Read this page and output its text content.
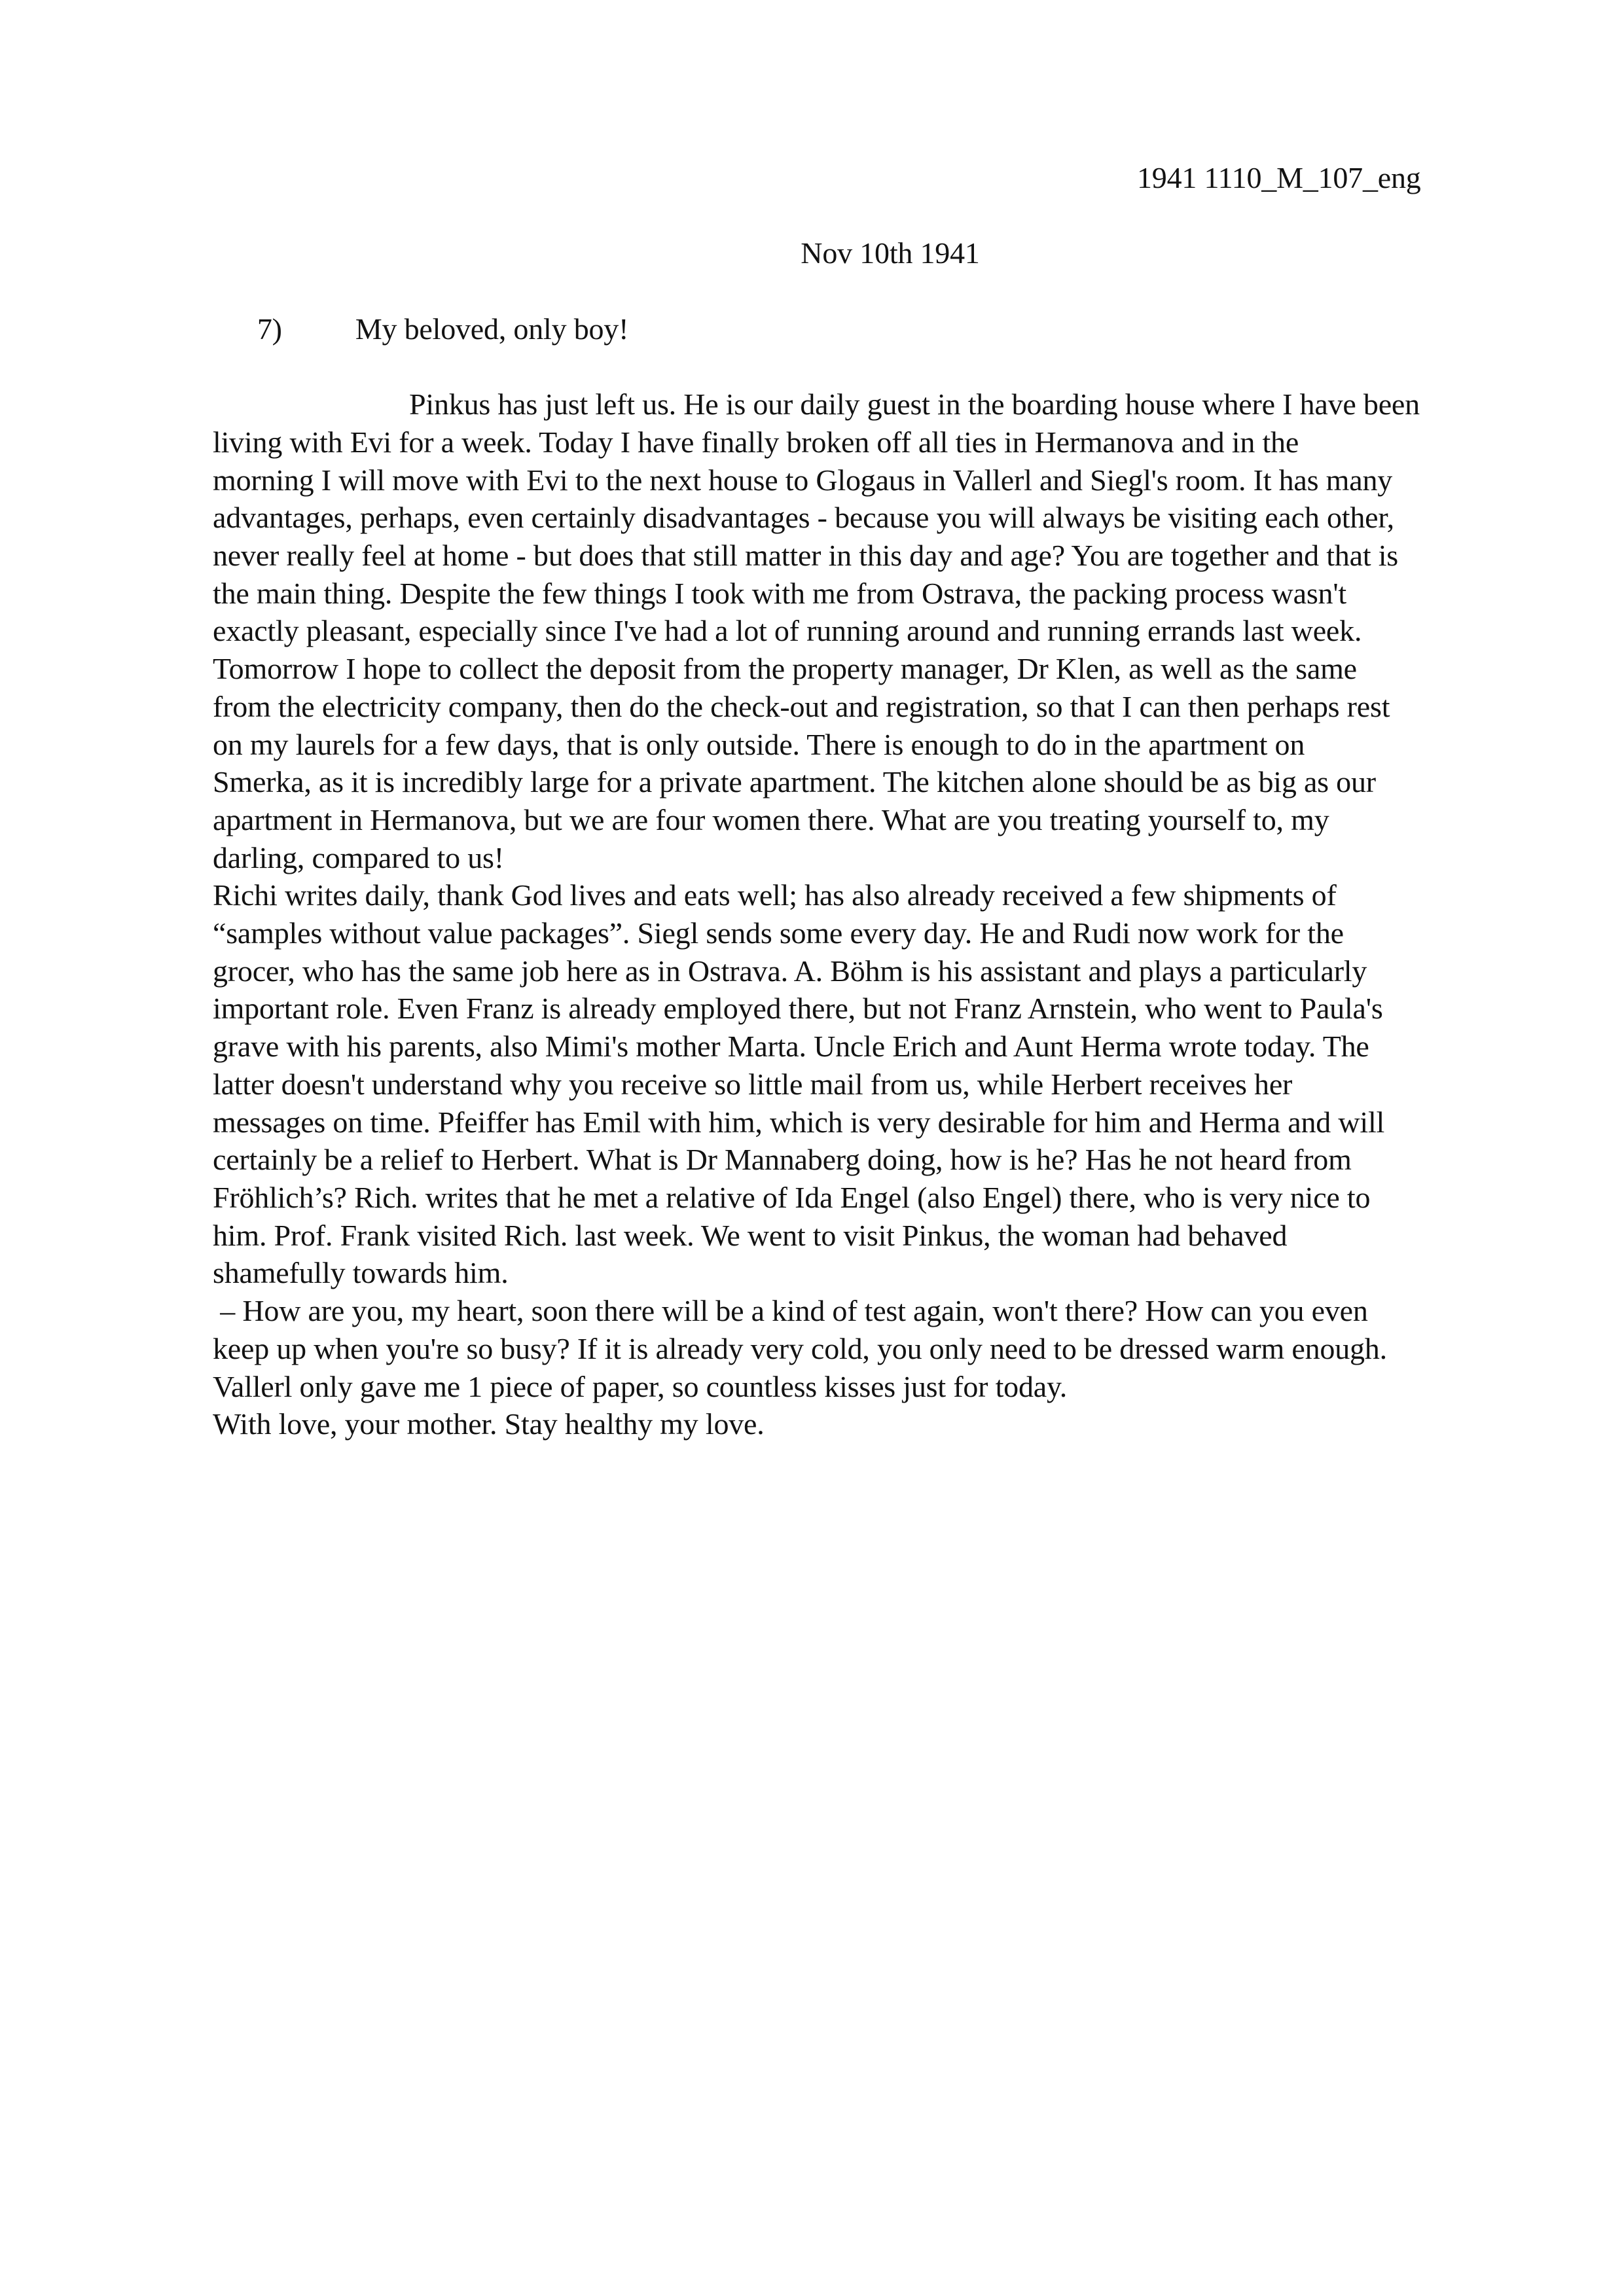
1941 1110_M_107_eng

Nov 10th 1941

7) My beloved, only boy!

Pinkus has just left us. He is our daily guest in the boarding house where I have been
living with Evi for a week. Today I have finally broken off all ties in Hermanova and in the
morning I will move with Evi to the next house to Glogaus in Vallerl and Siegl's room. It has many
advantages, perhaps, even certainly disadvantages - because you will always be visiting each other,
never really feel at home - but does that still matter in this day and age? You are together and that is
the main thing. Despite the few things I took with me from Ostrava, the packing process wasn't
exactly pleasant, especially since I've had a lot of running around and running errands last week.
Tomorrow I hope to collect the deposit from the property manager, Dr Klen, as well as the same
from the electricity company, then do the check-out and registration, so that I can then perhaps rest
on my laurels for a few days, that is only outside. There is enough to do in the apartment on
Smerka, as it is incredibly large for a private apartment. The kitchen alone should be as big as our
apartment in Hermanova, but we are four women there. What are you treating yourself to, my
darling, compared to us!
Richi writes daily, thank God lives and eats well; has also already received a few shipments of
“samples without value packages”. Siegl sends some every day. He and Rudi now work for the
grocer, who has the same job here as in Ostrava. A. Böhm is his assistant and plays a particularly
important role. Even Franz is already employed there, but not Franz Arnstein, who went to Paula's
grave with his parents, also Mimi's mother Marta. Uncle Erich and Aunt Herma wrote today. The
latter doesn't understand why you receive so little mail from us, while Herbert receives her
messages on time. Pfeiffer has Emil with him, which is very desirable for him and Herma and will
certainly be a relief to Herbert. What is Dr Mannaberg doing, how is he? Has he not heard from
Fröhlich’s? Rich. writes that he met a relative of Ida Engel (also Engel) there, who is very nice to
him. Prof. Frank visited Rich. last week. We went to visit Pinkus, the woman had behaved
shamefully towards him.
– How are you, my heart, soon there will be a kind of test again, won't there? How can you even
keep up when you're so busy? If it is already very cold, you only need to be dressed warm enough.
Vallerl only gave me 1 piece of paper, so countless kisses just for today.
With love, your mother. Stay healthy my love.
